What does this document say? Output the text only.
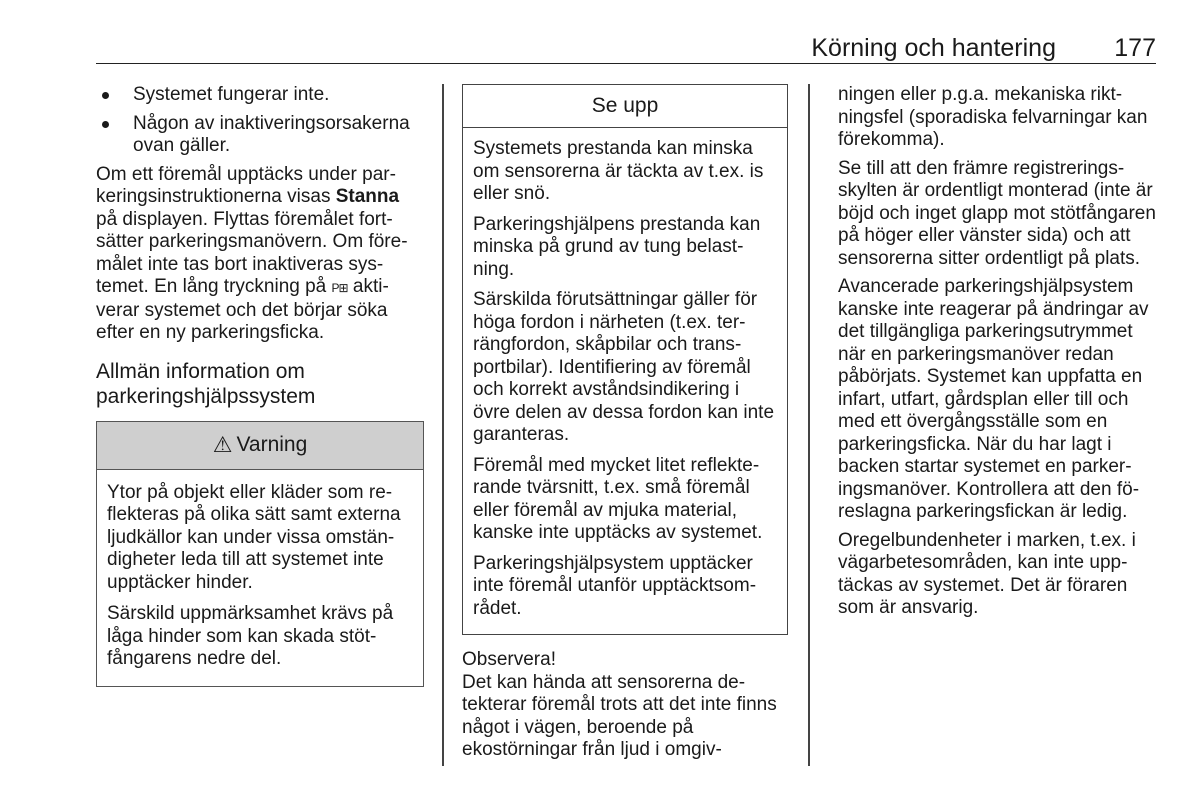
Körning och hantering 177
Systemet fungerar inte.
Någon av inaktiveringsorsakerna ovan gäller.

Om ett föremål upptäcks under parkeringsinstruktionerna visas Stanna på displayen. Flyttas föremålet fortsätter parkeringsmanövern. Om föremålet inte tas bort inaktiveras systemet. En lång tryckning på P⊞ aktiverar systemet och det börjar söka efter en ny parkeringsficka.

Allmän information om parkeringshjälpssystem
⚠ Varning

Ytor på objekt eller kläder som reflekteras på olika sätt samt externa ljudkällor kan under vissa omständigheter leda till att systemet inte upptäcker hinder.

Särskild uppmärksamhet krävs på låga hinder som kan skada stötfångarens nedre del.

Se upp

Systemets prestanda kan minska om sensorerna är täckta av t.ex. is eller snö.

Parkeringshjälpens prestanda kan minska på grund av tung belastning.

Särskilda förutsättningar gäller för höga fordon i närheten (t.ex. terrängfordon, skåpbilar och transportbilar). Identifiering av föremål och korrekt avståndsindikering i övre delen av dessa fordon kan inte garanteras.

Föremål med mycket litet reflekterande tvärsnitt, t.ex. små föremål eller föremål av mjuka material, kanske inte upptäcks av systemet.

Parkeringshjälpsystem upptäcker inte föremål utanför upptäcktsområdet.

Observera!

Det kan hända att sensorerna detekterar föremål trots att det inte finns något i vägen, beroende på ekostörningar från ljud i omgiv-

ningen eller p.g.a. mekaniska riktningsfel (sporadiska felvarningar kan förekomma).

Se till att den främre registreringsskylten är ordentligt monterad (inte är böjd och inget glapp mot stötfångaren på höger eller vänster sida) och att sensorerna sitter ordentligt på plats.

Avancerade parkeringshjälpsystem kanske inte reagerar på ändringar av det tillgängliga parkeringsutrymmet när en parkeringsmanöver redan påbörjats. Systemet kan uppfatta en infart, utfart, gårdsplan eller till och med ett övergångsställe som en parkeringsficka. När du har lagt i backen startar systemet en parkeringsmanöver. Kontrollera att den föreslagna parkeringsfickan är ledig.

Oregelbundenheter i marken, t.ex. i vägarbetesområden, kan inte upptäckas av systemet. Det är föraren som är ansvarig.
